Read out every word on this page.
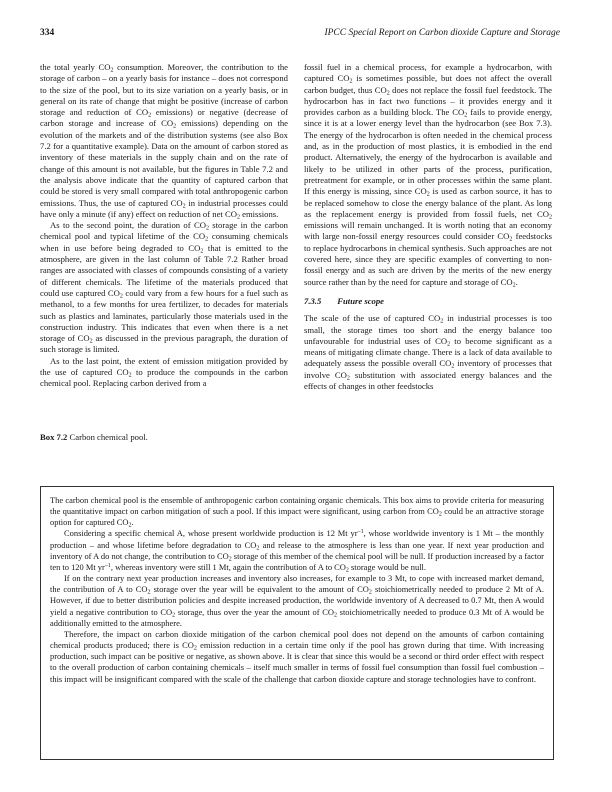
334	IPCC Special Report on Carbon dioxide Capture and Storage

the total yearly $CO_2$ consumption. Moreover, the contribution to the storage of carbon – on a yearly basis for instance – does not correspond to the size of the pool, but to its size variation on a yearly basis, or in general on its rate of change that might be positive (increase of carbon storage and reduction of $CO_2$ emissions) or negative (decrease of carbon storage and increase of $CO_2$ emissions) depending on the evolution of the markets and of the distribution systems (see also Box 7.2 for a quantitative example). Data on the amount of carbon stored as inventory of these materials in the supply chain and on the rate of change of this amount is not available, but the figures in Table 7.2 and the analysis above indicate that the quantity of captured carbon that could be stored is very small compared with total anthropogenic carbon emissions. Thus, the use of captured $CO_2$ in industrial processes could have only a minute (if any) effect on reduction of net $CO_2$ emissions.

As to the second point, the duration of $CO_2$ storage in the carbon chemical pool and typical lifetime of the $CO_2$ consuming chemicals when in use before being degraded to $CO_2$ that is emitted to the atmosphere, are given in the last column of Table 7.2 Rather broad ranges are associated with classes of compounds consisting of a variety of different chemicals. The lifetime of the materials produced that could use captured $CO_2$ could vary from a few hours for a fuel such as methanol, to a few months for urea fertilizer, to decades for materials such as plastics and laminates, particularly those materials used in the construction industry. This indicates that even when there is a net storage of $CO_2$ as discussed in the previous paragraph, the duration of such storage is limited.

As to the last point, the extent of emission mitigation provided by the use of captured $CO_2$ to produce the compounds in the carbon chemical pool. Replacing carbon derived from a

fossil fuel in a chemical process, for example a hydrocarbon, with captured $CO_2$ is sometimes possible, but does not affect the overall carbon budget, thus $CO_2$ does not replace the fossil fuel feedstock. The hydrocarbon has in fact two functions – it provides energy and it provides carbon as a building block. The $CO_2$ fails to provide energy, since it is at a lower energy level than the hydrocarbon (see Box 7.3). The energy of the hydrocarbon is often needed in the chemical process and, as in the production of most plastics, it is embodied in the end product. Alternatively, the energy of the hydrocarbon is available and likely to be utilized in other parts of the process, purification, pretreatment for example, or in other processes within the same plant. If this energy is missing, since $CO_2$ is used as carbon source, it has to be replaced somehow to close the energy balance of the plant. As long as the replacement energy is provided from fossil fuels, net $CO_2$ emissions will remain unchanged. It is worth noting that an economy with large non-fossil energy resources could consider $CO_2$ feedstocks to replace hydrocarbons in chemical synthesis. Such approaches are not covered here, since they are specific examples of converting to non-fossil energy and as such are driven by the merits of the new energy source rather than by the need for capture and storage of $CO_2$.

7.3.5 Future scope

The scale of the use of captured $CO_2$ in industrial processes is too small, the storage times too short and the energy balance too unfavourable for industrial uses of $CO_2$ to become significant as a means of mitigating climate change. There is a lack of data available to adequately assess the possible overall $CO_2$ inventory of processes that involve $CO_2$ substitution with associated energy balances and the effects of changes in other feedstocks

Box 7.2 Carbon chemical pool.

The carbon chemical pool is the ensemble of anthropogenic carbon containing organic chemicals. This box aims to provide criteria for measuring the quantitative impact on carbon mitigation of such a pool. If this impact were significant, using carbon from $CO_2$ could be an attractive storage option for captured $CO_2$.

Considering a specific chemical A, whose present worldwide production is 12 Mt $yr^{-1}$, whose worldwide inventory is 1 Mt – the monthly production – and whose lifetime before degradation to $CO_2$ and release to the atmosphere is less than one year. If next year production and inventory of A do not change, the contribution to $CO_2$ storage of this member of the chemical pool will be null. If production increased by a factor ten to 120 Mt $yr^{-1}$, whereas inventory were still 1 Mt, again the contribution of A to $CO_2$ storage would be null.

If on the contrary next year production increases and inventory also increases, for example to 3 Mt, to cope with increased market demand, the contribution of A to $CO_2$ storage over the year will be equivalent to the amount of $CO_2$ stoichiometrically needed to produce 2 Mt of A. However, if due to better distribution policies and despite increased production, the worldwide inventory of A decreased to 0.7 Mt, then A would yield a negative contribution to $CO_2$ storage, thus over the year the amount of $CO_2$ stoichiometrically needed to produce 0.3 Mt of A would be additionally emitted to the atmosphere.

Therefore, the impact on carbon dioxide mitigation of the carbon chemical pool does not depend on the amounts of carbon containing chemical products produced; there is $CO_2$ emission reduction in a certain time only if the pool has grown during that time. With increasing production, such impact can be positive or negative, as shown above. It is clear that since this would be a second or third order effect with respect to the overall production of carbon containing chemicals – itself much smaller in terms of fossil fuel consumption than fossil fuel combustion – this impact will be insignificant compared with the scale of the challenge that carbon dioxide capture and storage technologies have to confront.
